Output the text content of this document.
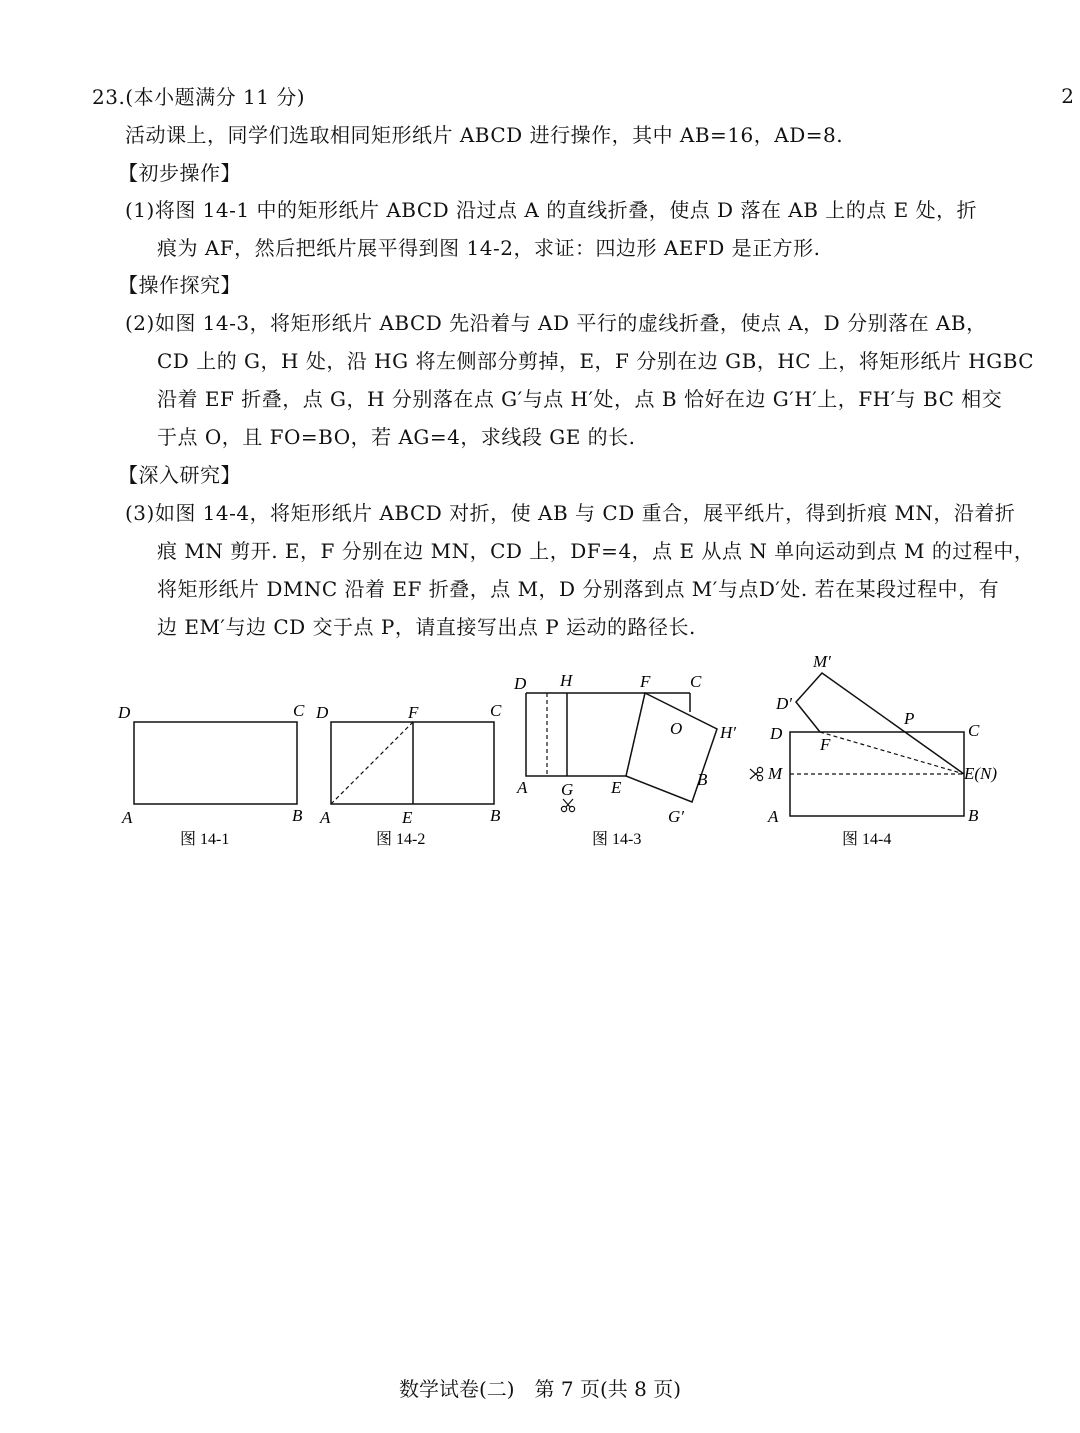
2
23.(本小题满分 11 分)
活动课上，同学们选取相同矩形纸片 ABCD 进行操作，其中 AB=16，AD=8.
【初步操作】
(1)将图 14-1 中的矩形纸片 ABCD 沿过点 A 的直线折叠，使点 D 落在 AB 上的点 E 处，折
痕为 AF，然后把纸片展平得到图 14-2，求证：四边形 AEFD 是正方形.
【操作探究】
(2)如图 14-3，将矩形纸片 ABCD 先沿着与 AD 平行的虚线折叠，使点 A，D 分别落在 AB，
CD 上的 G，H 处，沿 HG 将左侧部分剪掉，E，F 分别在边 GB，HC 上，将矩形纸片 HGBC
沿着 EF 折叠，点 G，H 分别落在点 G′与点 H′处，点 B 恰好在边 G′H′上，FH′与 BC 相交
于点 O，且 FO=BO，若 AG=4，求线段 GE 的长.
【深入研究】
(3)如图 14-4，将矩形纸片 ABCD 对折，使 AB 与 CD 重合，展平纸片，得到折痕 MN，沿着折
痕 MN 剪开. E，F 分别在边 MN，CD 上，DF=4，点 E 从点 N 单向运动到点 M 的过程中，
将矩形纸片 DMNC 沿着 EF 折叠，点 M，D 分别落到点 M′与点D′处. 若在某段过程中，有
边 EM′与边 CD 交于点 P，请直接写出点 P 运动的路径长.
D	C
A	B
图 14-1
D	F	C
A	E	B
图 14-2
D H	F C
O H′
A G E	B
G′
图 14-3
M′
D′
P
D
F
C
M	E(N)
A	B
图 14-4
数学试卷(二)　第 7 页(共 8 页)
